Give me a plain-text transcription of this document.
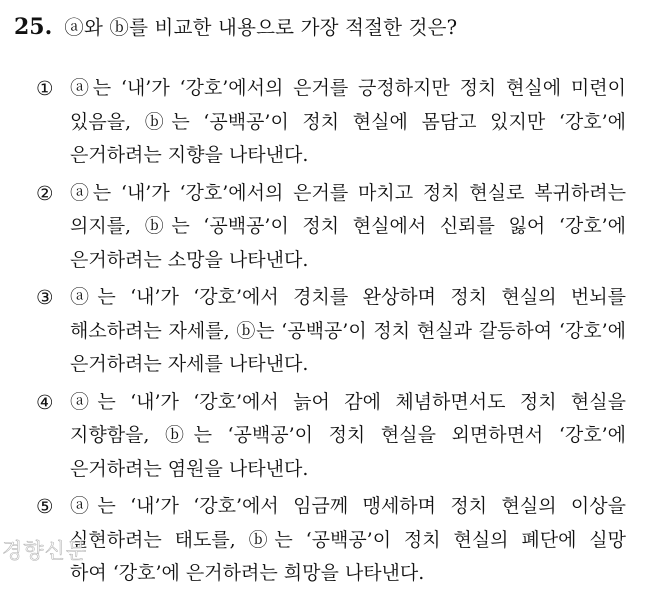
25. ⓐ와 ⓑ를 비교한 내용으로 가장 적절한 것은?
① ⓐ는 ‘내’가 ‘강호’에서의 은거를 긍정하지만 정치 현실에 미련이
있음을, ⓑ는 ‘공백공’이 정치 현실에 몸담고 있지만 ‘강호’에
은거하려는 지향을 나타낸다.
② ⓐ는 ‘내’가 ‘강호’에서의 은거를 마치고 정치 현실로 복귀하려는
의지를, ⓑ는 ‘공백공’이 정치 현실에서 신뢰를 잃어 ‘강호’에
은거하려는 소망을 나타낸다.
③ ⓐ는 ‘내’가 ‘강호’에서 경치를 완상하며 정치 현실의 번뇌를
해소하려는 자세를, ⓑ는 ‘공백공’이 정치 현실과 갈등하여 ‘강호’에
은거하려는 자세를 나타낸다.
④ ⓐ는 ‘내’가 ‘강호’에서 늙어 감에 체념하면서도 정치 현실을
지향함을, ⓑ는 ‘공백공’이 정치 현실을 외면하면서 ‘강호’에
은거하려는 염원을 나타낸다.
⑤ ⓐ는 ‘내’가 ‘강호’에서 임금께 맹세하며 정치 현실의 이상을
실현하려는 태도를, ⓑ는 ‘공백공’이 정치 현실의 폐단에 실망
하여 ‘강호’에 은거하려는 희망을 나타낸다.
경향신문
